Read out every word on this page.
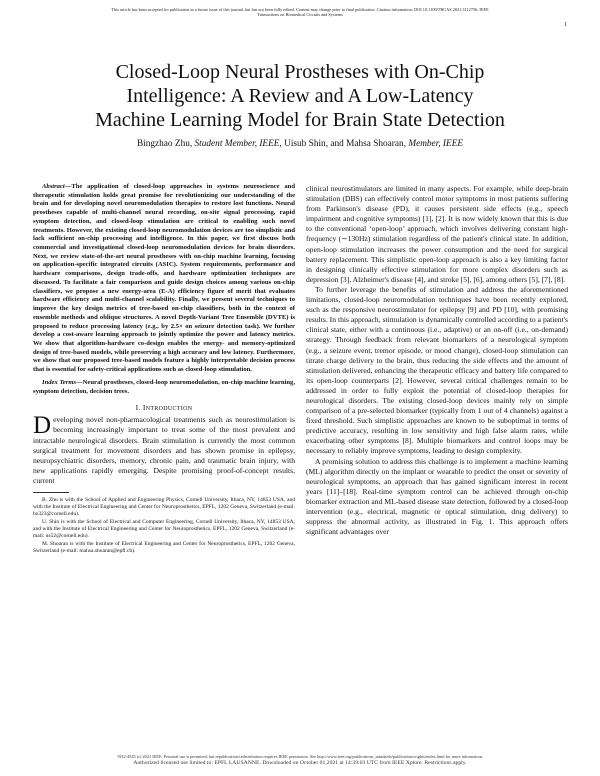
This article has been accepted for publication in a future issue of this journal, but has not been fully edited. Content may change prior to final publication. Citation information: DOI 10.1109/TBCAS.2021.3112756, IEEE
Transactions on Biomedical Circuits and Systems
1
Closed-Loop Neural Prostheses with On-Chip
Intelligence: A Review and A Low-Latency
Machine Learning Model for Brain State Detection
Bingzhao Zhu, Student Member, IEEE, Uisub Shin, and Mahsa Shoaran, Member, IEEE

Abstract—The application of closed-loop approaches in systems neuroscience and therapeutic stimulation holds great promise for revolutionizing our understanding of the brain and for developing novel neuromodulation therapies to restore lost functions. Neural prostheses capable of multi-channel neural recording, on-site signal processing, rapid symptom detection, and closed-loop stimulation are critical to enabling such novel treatments. However, the existing closed-loop neuromodulation devices are too simplistic and lack sufficient on-chip processing and intelligence. In this paper, we first discuss both commercial and investigational closed-loop neuromodulation devices for brain disorders. Next, we review state-of-the-art neural prostheses with on-chip machine learning, focusing on application-specific integrated circuits (ASIC). System requirements, performance and hardware comparisons, design trade-offs, and hardware optimization techniques are discussed. To facilitate a fair comparison and guide design choices among various on-chip classifiers, we propose a new energy-area (E-A) efficiency figure of merit that evaluates hardware efficiency and multi-channel scalability. Finally, we present several techniques to improve the key design metrics of tree-based on-chip classifiers, both in the context of ensemble methods and oblique structures. A novel Depth-Variant Tree Ensemble (DVTE) is proposed to reduce processing latency (e.g., by 2.5× on seizure detection task). We further develop a cost-aware learning approach to jointly optimize the power and latency metrics. We show that algorithm-hardware co-design enables the energy- and memory-optimized design of tree-based models, while preserving a high accuracy and low latency. Furthermore, we show that our proposed tree-based models feature a highly interpretable decision process that is essential for safety-critical applications such as closed-loop stimulation.

Index Terms—Neural prostheses, closed-loop neuromodulation, on-chip machine learning, symptom detection, decision trees.

I. INTRODUCTION

Developing novel non-pharmacological treatments such as neurostimulation is becoming increasingly important to treat some of the most prevalent and intractable neurological disorders. Brain stimulation is currently the most common surgical treatment for movement disorders and has shown promise in epilepsy, neuropsychiatric disorders, memory, chronic pain, and traumatic brain injury, with new applications rapidly emerging. Despite promising proof-of-concept results, current

B. Zhu is with the School of Applied and Engineering Physics, Cornell University, Ithaca, NY, 14853 USA, and with the Institute of Electrical Engineering and Center for Neuroprosthetics, EPFL, 1202 Geneva, Switzerland (e-mail: bz323@cornell.edu).

U. Shin is with the School of Electrical and Computer Engineering, Cornell University, Ithaca, NY, 14853 USA, and with the Institute of Electrical Engineering and Center for Neuroprosthetics, EPFL, 1202 Geneva, Switzerland (e-mail: us52@cornell.edu).

M. Shoaran is with the Institute of Electrical Engineering and Center for Neuroprosthetics, EPFL, 1202 Geneva, Switzerland (e-mail: mahsa.shoaran@epfl.ch).

clinical neurostimulators are limited in many aspects. For example, while deep-brain stimulation (DBS) can effectively control motor symptoms in most patients suffering from Parkinson's disease (PD), it causes persistent side effects (e.g., speech impairment and cognitive symptoms) [1], [2]. It is now widely known that this is due to the conventional ‘open-loop’ approach, which involves delivering constant high-frequency (∼130Hz) stimulation regardless of the patient's clinical state. In addition, open-loop stimulation increases the power consumption and the need for surgical battery replacement. This simplistic open-loop approach is also a key limiting factor in designing clinically effective stimulation for more complex disorders such as depression [3], Alzheimer's disease [4], and stroke [5], [6], among others [5], [7], [8].

To further leverage the benefits of stimulation and address the aforementioned limitations, closed-loop neuromodulation techniques have been recently explored, such as the responsive neurostimulator for epilepsy [9] and PD [10], with promising results. In this approach, stimulation is dynamically controlled according to a patient's clinical state, either with a continuous (i.e., adaptive) or an on-off (i.e., on-demand) strategy. Through feedback from relevant biomarkers of a neurological symptom (e.g., a seizure event, tremor episode, or mood change), closed-loop stimulation can titrate charge delivery to the brain, thus reducing the side effects and the amount of stimulation delivered, enhancing the therapeutic efficacy and battery life compared to its open-loop counterparts [2]. However, several critical challenges remain to be addressed in order to fully exploit the potential of closed-loop therapies for neurological disorders. The existing closed-loop devices mainly rely on simple comparison of a pre-selected biomarker (typically from 1 out of 4 channels) against a fixed threshold. Such simplistic approaches are known to be suboptimal in terms of predictive accuracy, resulting in low sensitivity and high false alarm rates, while exacerbating other symptoms [8]. Multiple biomarkers and control loops may be necessary to reliably improve symptoms, leading to design complexity.

A promising solution to address this challenge is to implement a machine learning (ML) algorithm directly on the implant or wearable to predict the onset or severity of neurological symptoms, an approach that has gained significant interest in recent years [11]–[18]. Real-time symptom control can be achieved through on-chip biomarker extraction and ML-based disease state detection, followed by a closed-loop intervention (e.g., electrical, magnetic or optical stimulation, drug delivery) to suppress the abnormal activity, as illustrated in Fig. 1. This approach offers significant advantages over

1932-4545 (c) 2021 IEEE. Personal use is permitted, but republication/redistribution requires IEEE permission. See http://www.ieee.org/publications_standards/publications/rights/index.html for more information.
Authorized licensed use limited to: EPFL LAUSANNE. Downloaded on October 01,2021 at 14:39:03 UTC from IEEE Xplore. Restrictions apply.
